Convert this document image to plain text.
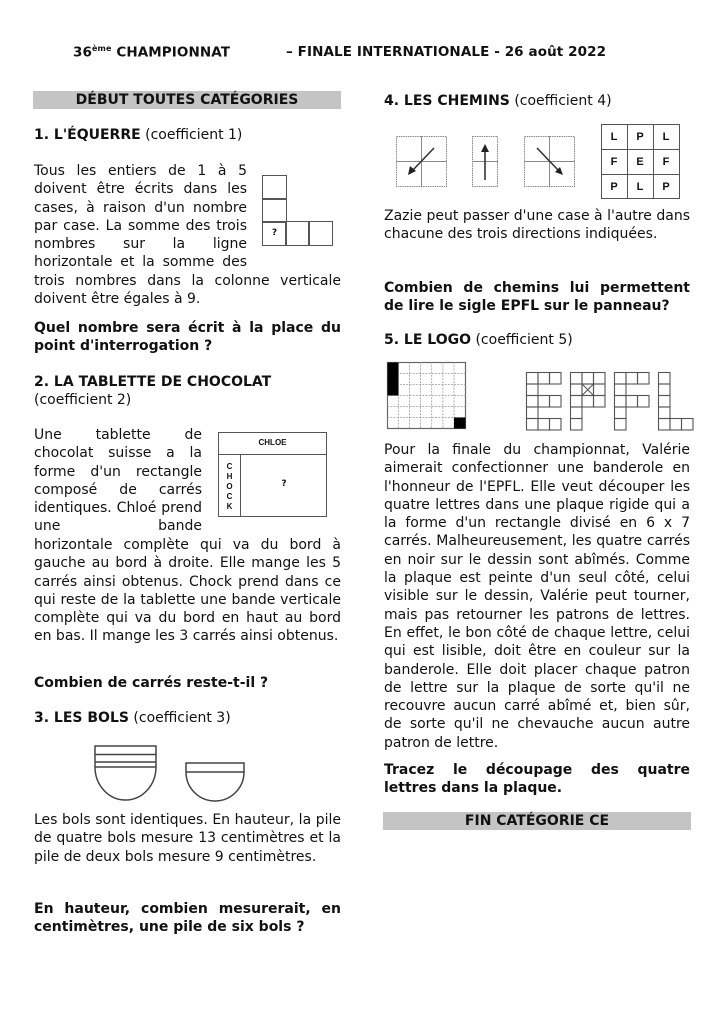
36ème CHAMPIONNAT	– FINALE INTERNATIONALE - 26 août 2022
DÉBUT TOUTES CATÉGORIES
1. L'ÉQUERRE (coefficient 1)
Tous les entiers de 1 à 5
doivent être écrits dans les
cases, à raison d'un nombre
par case. La somme des trois
nombres sur la ligne
horizontale et la somme des
trois nombres dans la colonne verticale doivent être égales à 9.
?
Quel nombre sera écrit à la place du point d'interrogation ?
2. LA TABLETTE DE CHOCOLAT
(coefficient 2)
Une tablette de chocolat suisse a la forme d'un rectangle composé de carrés identiques. Chloé prend une bande
horizontale complète qui va du bord à gauche au bord à droite. Elle mange les 5 carrés ainsi obtenus. Chock prend dans ce qui reste de la tablette une bande verticale complète qui va du bord en haut au bord en bas. Il mange les 3 carrés ainsi obtenus.
CHLOE
C
H
O
C
K
?
Combien de carrés reste-t-il ?
3. LES BOLS (coefficient 3)
Les bols sont identiques. En hauteur, la pile de quatre bols mesure 13 centimètres et la pile de deux bols mesure 9 centimètres.
En hauteur, combien mesurerait, en centimètres, une pile de six bols ?
4. LES CHEMINS (coefficient 4)
L	P	L
F	E	F
P	L	P
Zazie peut passer d'une case à l'autre dans chacune des trois directions indiquées.
Combien de chemins lui permettent de lire le sigle EPFL sur le panneau?
5. LE LOGO (coefficient 5)
Pour la finale du championnat, Valérie aimerait confectionner une banderole en l'honneur de l'EPFL. Elle veut découper les quatre lettres dans une plaque rigide qui a la forme d'un rectangle divisé en 6 x 7 carrés. Malheureusement, les quatre carrés en noir sur le dessin sont abîmés. Comme la plaque est peinte d'un seul côté, celui visible sur le dessin, Valérie peut tourner, mais pas retourner les patrons de lettres. En effet, le bon côté de chaque lettre, celui qui est lisible, doit être en couleur sur la banderole. Elle doit placer chaque patron de lettre sur la plaque de sorte qu'il ne recouvre aucun carré abîmé et, bien sûr, de sorte qu'il ne chevauche aucun autre patron de lettre.
Tracez le découpage des quatre lettres dans la plaque.
FIN CATÉGORIE CE
